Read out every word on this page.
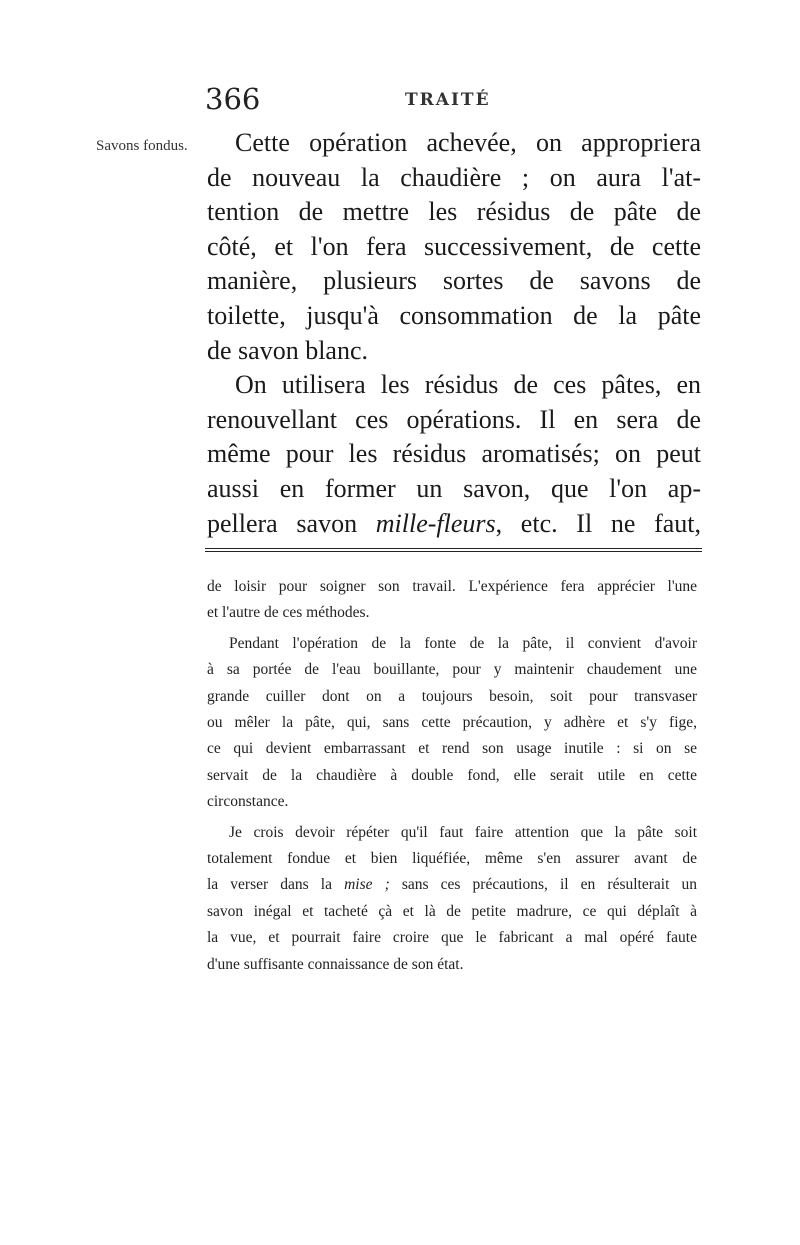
366	TRAITÉ
Savons fondus.	Cette opération achevée, on appropriera
de nouveau la chaudière ; on aura l'at-
tention de mettre les résidus de pâte de
côté, et l'on fera successivement, de cette
manière, plusieurs sortes de savons de
toilette, jusqu'à consommation de la pâte
de savon blanc.
On utilisera les résidus de ces pâtes, en
renouvellant ces opérations. Il en sera de
même pour les résidus aromatisés; on peut
aussi en former un savon, que l'on ap-
pellera savon mille-fleurs, etc. Il ne faut,
de loisir pour soigner son travail. L'expérience fera apprécier l'une
et l'autre de ces méthodes.
Pendant l'opération de la fonte de la pâte, il convient d'avoir
à sa portée de l'eau bouillante, pour y maintenir chaudement une
grande cuiller dont on a toujours besoin, soit pour transvaser
ou mêler la pâte, qui, sans cette précaution, y adhère et s'y fige,
ce qui devient embarrassant et rend son usage inutile : si on se
servait de la chaudière à double fond, elle serait utile en cette
circonstance.
Je crois devoir répéter qu'il faut faire attention que la pâte soit
totalement fondue et bien liquéfiée, même s'en assurer avant de
la verser dans la mise ; sans ces précautions, il en résulterait un
savon inégal et tacheté çà et là de petite madrure, ce qui déplaît à
la vue, et pourrait faire croire que le fabricant a mal opéré faute
d'une suffisante connaissance de son état.
